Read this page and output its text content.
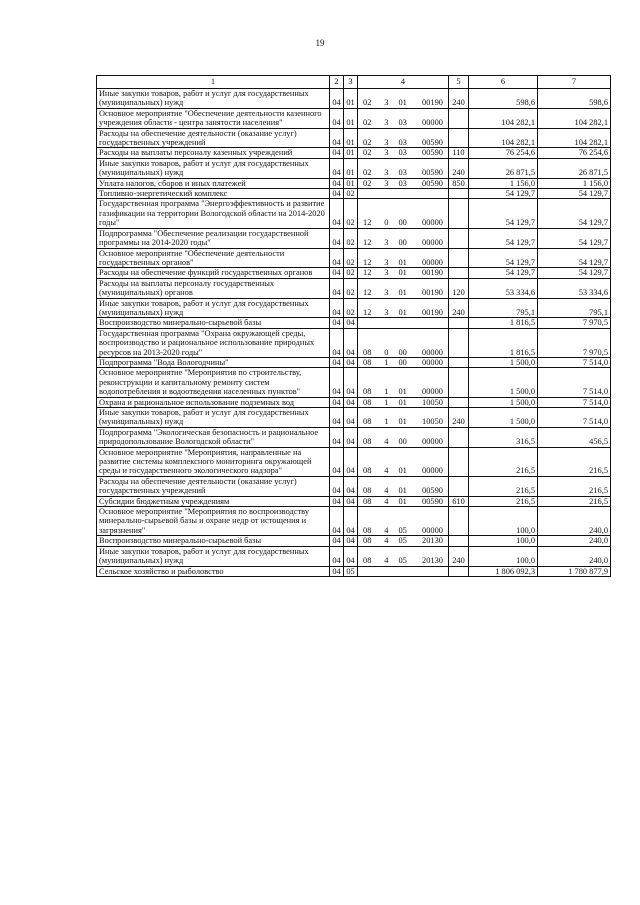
19
1	2	3	4	5	6	7
Иные закупки товаров, работ и услуг для государственных (муниципальных) нужд	04	01	02 3 01 00190	240	598,6	598,6
Основное мероприятие "Обеспечение деятельности казенного учреждения области - центра занятости населения"	04	01	02 3 03 00000		104 282,1	104 282,1
Расходы на обеспечение деятельности (оказание услуг) государственных учреждений	04	01	02 3 03 00590		104 282,1	104 282,1
Расходы на выплаты персоналу казенных учреждений	04	01	02 3 03 00590	110	76 254,6	76 254,6
Иные закупки товаров, работ и услуг для государственных (муниципальных) нужд	04	01	02 3 03 00590	240	26 871,5	26 871,5
Уплата налогов, сборов и иных платежей	04	01	02 3 03 00590	850	1 156,0	1 156,0
Топливно-энергетический комплекс	04	02			54 129,7	54 129,7
Государственная программа "Энергоэффективность и развитие газификации на территории Вологодской области на 2014-2020 годы"	04	02	12 0 00 00000		54 129,7	54 129,7
Подпрограмма "Обеспечение реализации государственной программы на 2014-2020 годы"	04	02	12 3 00 00000		54 129,7	54 129,7
Основное мероприятие "Обеспечение деятельности государственных органов"	04	02	12 3 01 00000		54 129,7	54 129,7
Расходы на обеспечение функций государственных органов	04	02	12 3 01 00190		54 129,7	54 129,7
Расходы на выплаты персоналу государственных (муниципальных) органов	04	02	12 3 01 00190	120	53 334,6	53 334,6
Иные закупки товаров, работ и услуг для государственных (муниципальных) нужд	04	02	12 3 01 00190	240	795,1	795,1
Воспроизводство минерально-сырьевой базы	04	04			1 816,5	7 970,5
Государственная программа "Охрана окружающей среды, воспроизводство и рациональное использование природных ресурсов на 2013-2020 годы"	04	04	08 0 00 00000		1 816,5	7 970,5
Подпрограмма "Вода Вологодчины"	04	04	08 1 00 00000		1 500,0	7 514,0
Основное мероприятие "Мероприятия по строительству, реконструкции и капитальному ремонту систем водопотребления и водоотведения населенных пунктов"	04	04	08 1 01 00000		1 500,0	7 514,0
Охрана и рациональное использование подземных вод	04	04	08 1 01 10050		1 500,0	7 514,0
Иные закупки товаров, работ и услуг для государственных (муниципальных) нужд	04	04	08 1 01 10050	240	1 500,0	7 514,0
Подпрограмма "Экологическая безопасность и рациональное природопользование Вологодской области"	04	04	08 4 00 00000		316,5	456,5
Основное мероприятие "Мероприятия, направленные на развитие системы комплексного мониторинга окружающей среды и государственного экологического надзора"	04	04	08 4 01 00000		216,5	216,5
Расходы на обеспечение деятельности (оказание услуг) государственных учреждений	04	04	08 4 01 00590		216,5	216,5
Субсидии бюджетным учреждениям	04	04	08 4 01 00590	610	216,5	216,5
Основное мероприятие "Мероприятия по воспроизводству минерально-сырьевой базы и охране недр от истощения и загрязнения"	04	04	08 4 05 00000		100,0	240,0
Воспроизводство минерально-сырьевой базы	04	04	08 4 05 20130		100,0	240,0
Иные закупки товаров, работ и услуг для государственных (муниципальных) нужд	04	04	08 4 05 20130	240	100,0	240,0
Сельское хозяйство и рыболовство	04	05			1 806 092,3	1 780 877,9
